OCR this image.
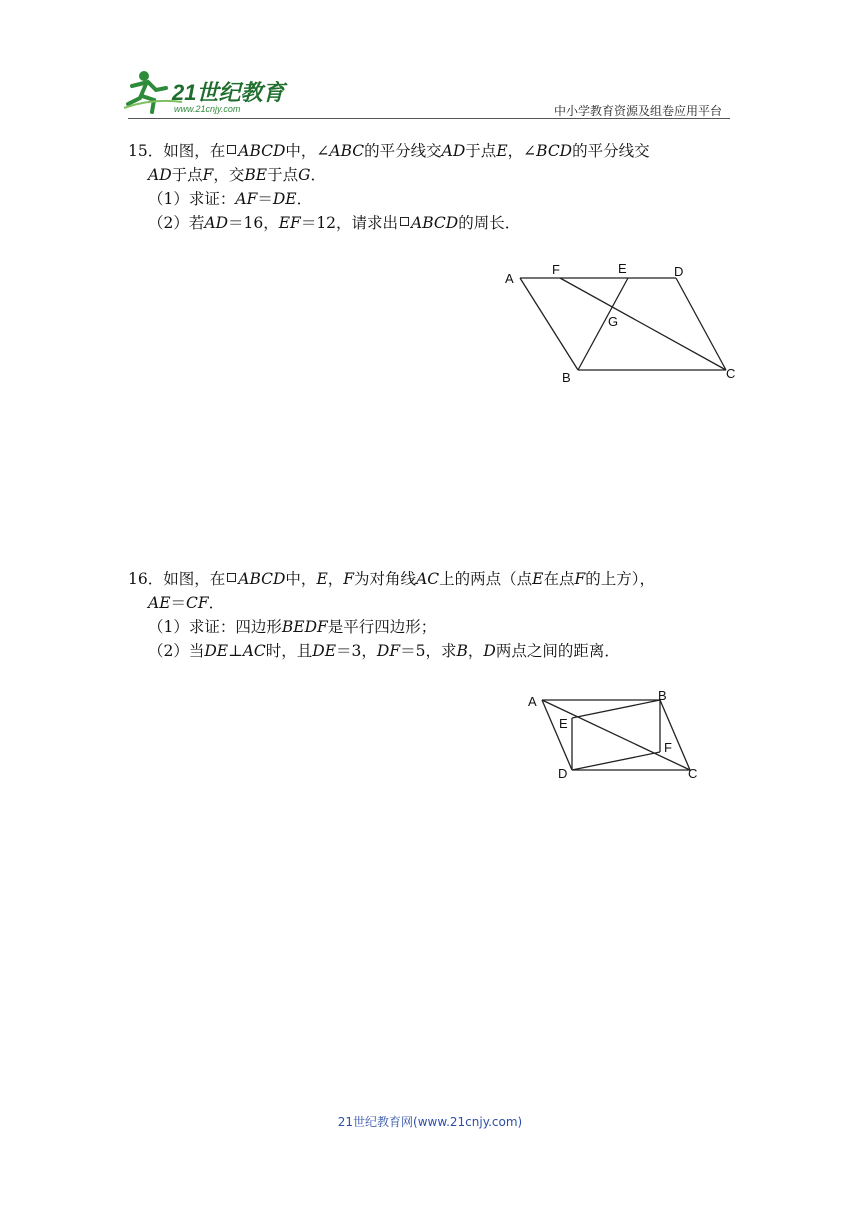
21世纪教育
www.21cnjy.com	中小学教育资源及组卷应用平台
15．如图，在 ABCD中，∠ABC的平分线交AD于点E，∠BCD的平分线交
AD于点F，交BE于点G．
（1）求证：AF＝DE．
（2）若AD＝16，EF＝12，请求出 ABCD的周长．
A
F	E	D
G
B	C
16．如图，在 ABCD中，E，F为对角线AC上的两点（点E在点F的上方），
AE＝CF．
（1）求证：四边形BEDF是平行四边形；
（2）当DE⊥AC时，且DE＝3，DF＝5，求B，D两点之间的距离．
A	B
E
F
D	C
21世纪教育网(www.21cnjy.com)
